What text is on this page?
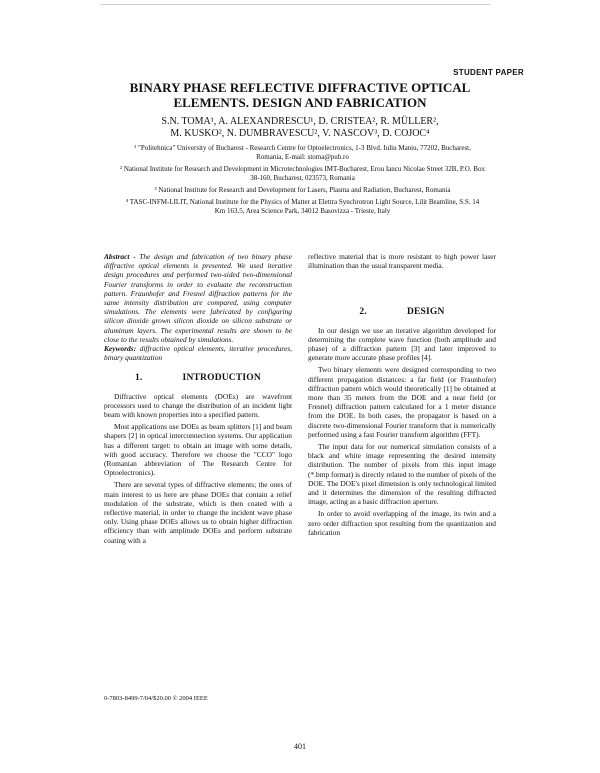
STUDENT PAPER
BINARY PHASE REFLECTIVE DIFFRACTIVE OPTICAL
ELEMENTS. DESIGN AND FABRICATION
S.N. TOMA¹, A. ALEXANDRESCU¹, D. CRISTEA², R. MÜLLER²,
M. KUSKO², N. DUMBRAVESCU², V. NASCOV³, D. COJOC⁴
¹ "Politehnica" University of Bucharest - Research Centre for Optoelectronics, 1-3 Blvd. Iuliu Maniu, 77202, Bucharest, Romania, E-mail: stoma@pub.ro
² National Institute for Research and Development in Microtechnologies IMT-Bucharest, Erou Iancu Nicolae Street 32B, P.O. Box 38-160, Bucharest, 023573, Romania
³ National Institute for Research and Development for Lasers, Plasma and Radiation, Bucharest, Romania
⁴ TASC-INFM-LILIT, National Institute for the Physics of Matter at Elettra Synchrotron Light Source, Lilit Beamline, S.S. 14 Km 163.5, Area Science Park, 34012 Basovizza - Trieste, Italy
Abstract - The design and fabrication of two binary phase diffractive optical elements is presented. We used iterative design procedures and performed two-sided two-dimensional Fourier transforms in order to evaluate the reconstruction pattern. Fraunhofer and Fresnel diffraction patterns for the same intensity distribution are compared, using computer simulations. The elements were fabricated by configuring silicon dioxide grown silicon dioxide on silicon substrate or aluminum layers. The experimental results are shown to be close to the results obtained by simulations.
Keywords: diffractive optical elements, iterative procedures, binary quantization
1.	INTRODUCTION
Diffractive optical elements (DOEs) are wavefront processors used to change the distribution of an incident light beam with known properties into a specified pattern.
Most applications use DOEs as beam splitters [1] and beam shapers [2] in optical interconnection systems. Our application has a different target: to obtain an image with some details, with good accuracy. Therefore we choose the "CCO" logo (Romanian abbreviation of The Research Centre for Optoelectronics).
There are several types of diffractive elements; the ones of main interest to us here are phase DOEs that contain a relief modulation of the substrate, which is then coated with a reflective material, in order to change the incident wave phase only. Using phase DOEs allows us to obtain higher diffraction efficiency than with amplitude DOEs and perform substrate coating with a
reflective material that is more resistant to high power laser illumination than the usual transparent media.
2.	DESIGN
In our design we use an iterative algorithm developed for determining the complete wave function (both amplitude and phase) of a diffraction pattern [3] and later improved to generate more accurate phase profiles [4].
Two binary elements were designed corresponding to two different propagation distances: a far field (or Fraunhofer) diffraction pattern which would theoretically [1] be obtained at more than 35 meters from the DOE and a near field (or Fresnel) diffraction pattern calculated for a 1 meter distance from the DOE. In both cases, the propagator is based on a discrete two-dimensional Fourier transform that is numerically performed using a fast Fourier transform algorithm (FFT).
The input data for our numerical simulation consists of a black and white image representing the desired intensity distribution. The number of pixels from this input image (*.bmp format) is directly related to the number of pixels of the DOE. The DOE's pixel dimension is only technological limited and it determines the dimension of the resulting diffracted image, acting as a basic diffraction aperture.
In order to avoid overlapping of the image, its twin and a zero order diffraction spot resulting from the quantization and fabrication
0-7803-8499-7/04/$20.00 © 2004 IEEE
401
